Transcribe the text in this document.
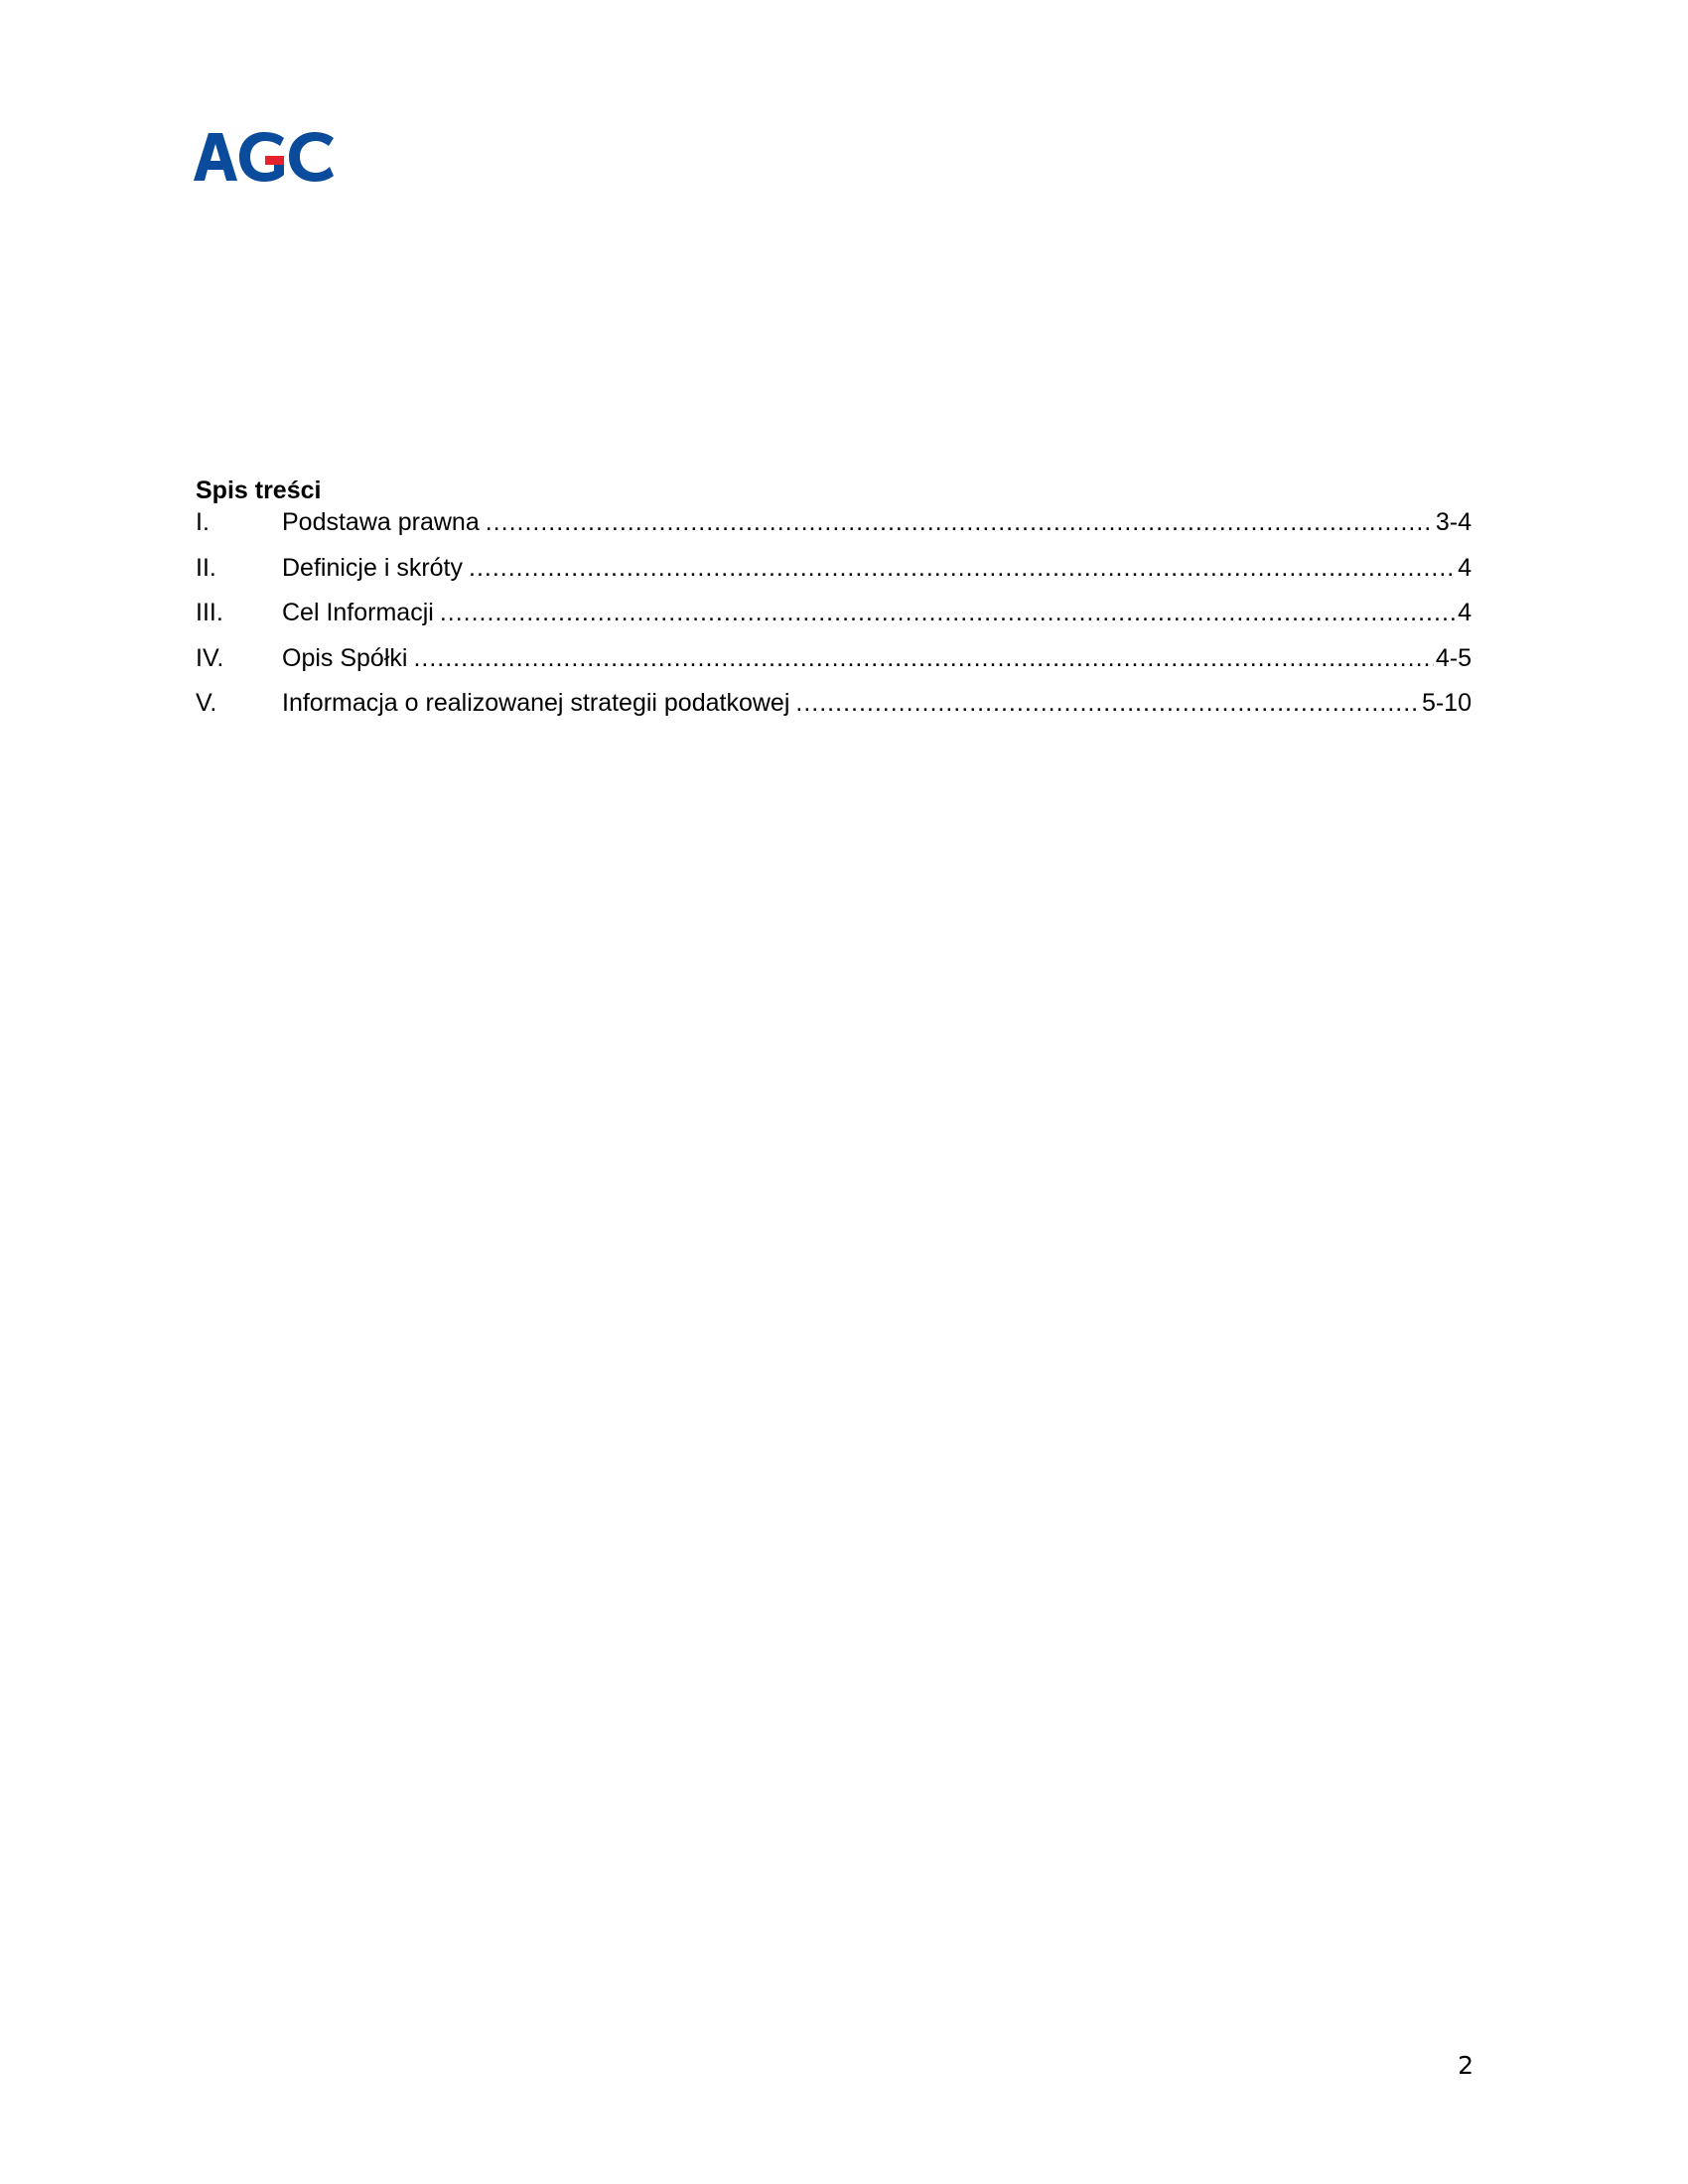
Spis treści
I.	Podstawa prawna .....	3-4
II.	Definicje i skróty .....	4
III.	Cel Informacji .....	4
IV.	Opis Spółki .....	4-5
V.	Informacja o realizowanej strategii podatkowej .....	5-10
2
